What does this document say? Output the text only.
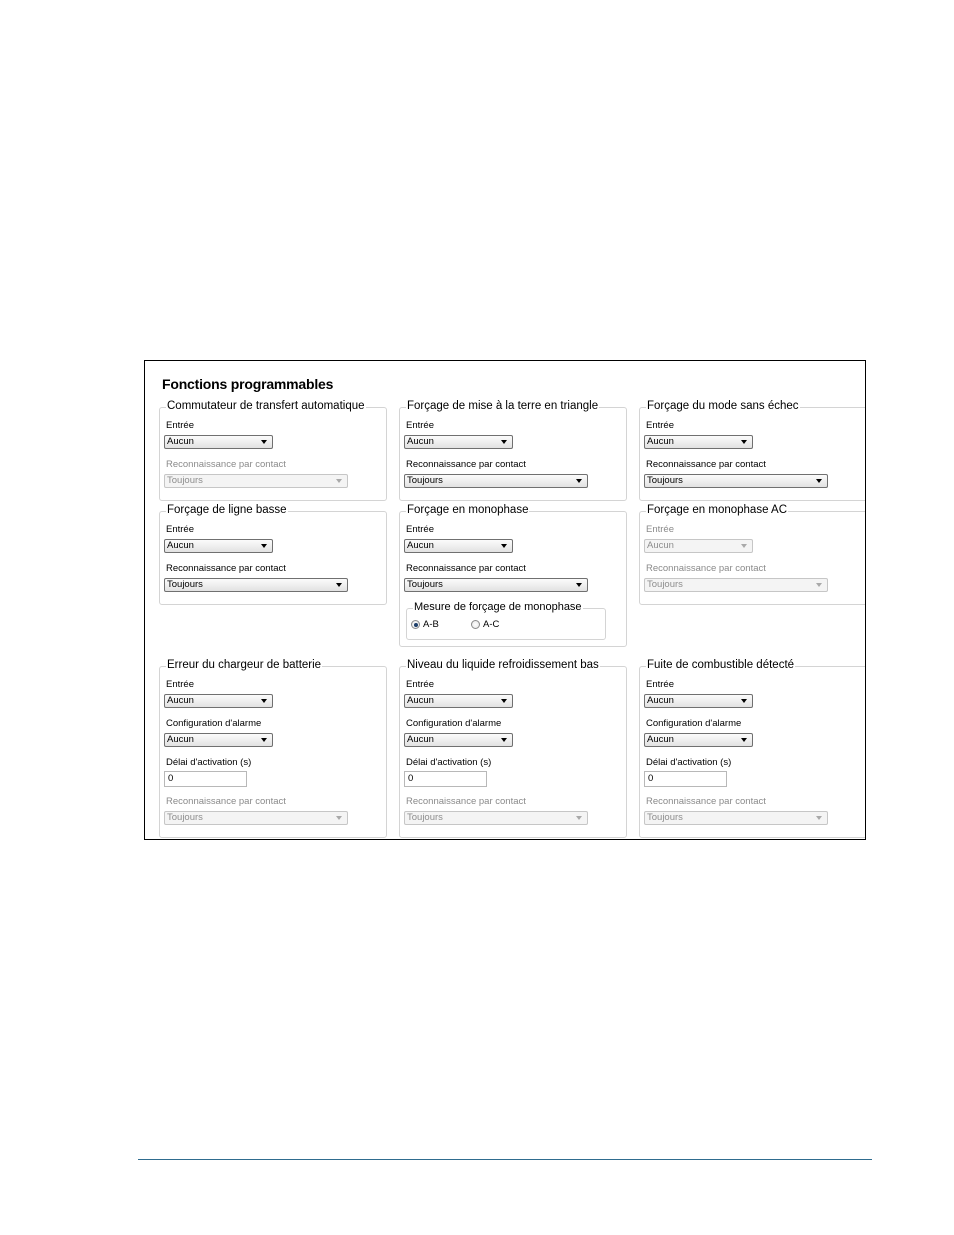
Fonctions programmables
Commutateur de transfert automatique
Entrée
Aucun
Reconnaissance par contact
Toujours
Forçage de mise à la terre en triangle
Entrée
Aucun
Reconnaissance par contact
Toujours
Forçage du mode sans échec
Entrée
Aucun
Reconnaissance par contact
Toujours
Forçage de ligne basse
Entrée
Aucun
Reconnaissance par contact
Toujours
Forçage en monophase
Entrée
Aucun
Reconnaissance par contact
Toujours
Mesure de forçage de monophase
A-B	A-C
Forçage en monophase AC
Entrée
Aucun
Reconnaissance par contact
Toujours
Erreur du chargeur de batterie
Entrée
Aucun
Configuration d'alarme
Aucun
Délai d'activation (s)
0
Reconnaissance par contact
Toujours
Niveau du liquide refroidissement bas
Entrée
Aucun
Configuration d'alarme
Aucun
Délai d'activation (s)
0
Reconnaissance par contact
Toujours
Fuite de combustible détecté
Entrée
Aucun
Configuration d'alarme
Aucun
Délai d'activation (s)
0
Reconnaissance par contact
Toujours
